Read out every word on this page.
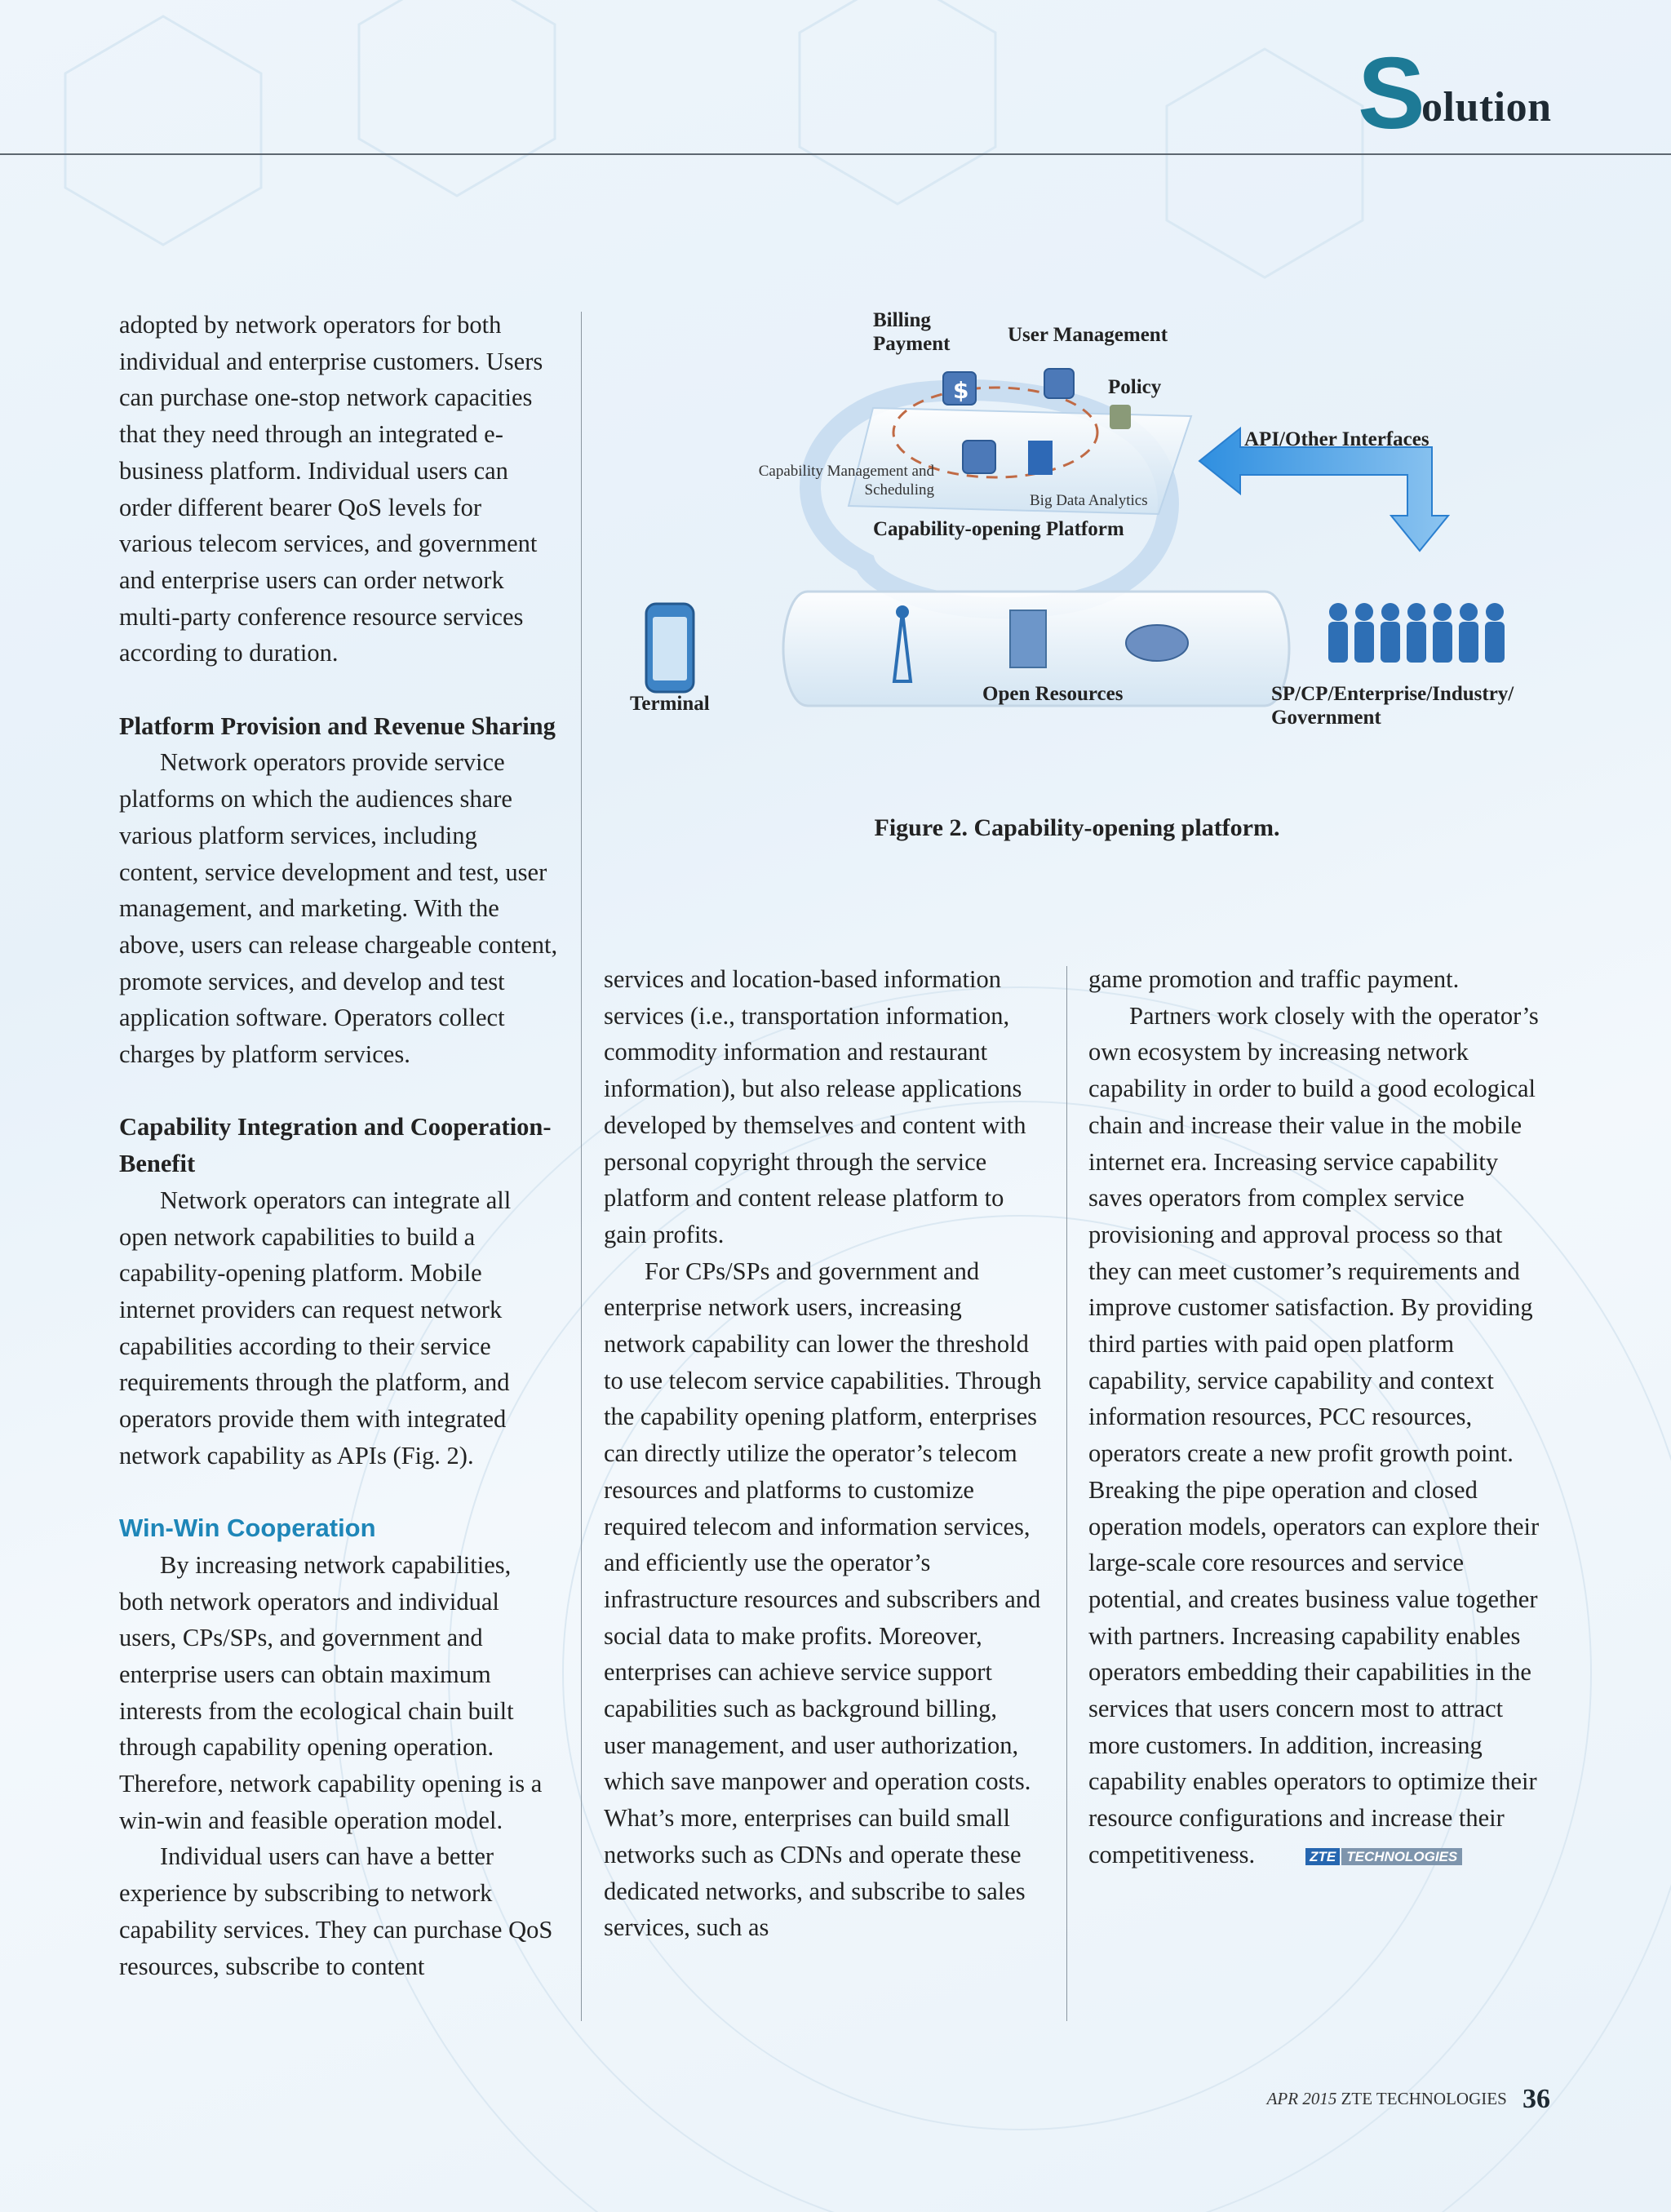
S
olution

adopted by network operators for both individual and enterprise customers. Users can purchase one-stop network capacities that they need through an integrated e-business platform. Individual users can order different bearer QoS levels for various telecom services, and government and enterprise users can order network multi-party conference resource services according to duration.

Platform Provision and Revenue Sharing

Network operators provide service platforms on which the audiences share various platform services, including content, service development and test, user management, and marketing. With the above, users can release chargeable content, promote services, and develop and test application software. Operators collect charges by platform services.

Capability Integration and Cooperation-Benefit

Network operators can integrate all open network capabilities to build a capability-opening platform. Mobile internet providers can request network capabilities according to their service requirements through the platform, and operators provide them with integrated network capability as APIs (Fig. 2).

Win-Win Cooperation

By increasing network capabilities, both network operators and individual users, CPs/SPs, and government and enterprise users can obtain maximum interests from the ecological chain built through capability opening operation. Therefore, network capability opening is a win-win and feasible operation model.

Individual users can have a better experience by subscribing to network capability services. They can purchase QoS resources, subscribe to content

services and location-based information services (i.e., transportation information, commodity information and restaurant information), but also release applications developed by themselves and content with personal copyright through the service platform and content release platform to gain profits.

For CPs/SPs and government and enterprise network users, increasing network capability can lower the threshold to use telecom service capabilities. Through the capability opening platform, enterprises can directly utilize the operator’s telecom resources and platforms to customize required telecom and information services, and efficiently use the operator’s infrastructure resources and subscribers and social data to make profits. Moreover, enterprises can achieve service support capabilities such as background billing, user management, and user authorization, which save manpower and operation costs. What’s more, enterprises can build small networks such as CDNs and operate these dedicated networks, and subscribe to sales services, such as

game promotion and traffic payment.

Partners work closely with the operator’s own ecosystem by increasing network capability in order to build a good ecological chain and increase their value in the mobile internet era. Increasing service capability saves operators from complex service provisioning and approval process so that they can meet customer’s requirements and improve customer satisfaction. By providing third parties with paid open platform capability, service capability and context information resources, PCC resources, operators create a new profit growth point. Breaking the pipe operation and closed operation models, operators can explore their large-scale core resources and service potential, and creates business value together with partners. Increasing capability enables operators embedding their capabilities in the services that users concern most to attract more customers. In addition, increasing capability enables operators to optimize their resource configurations and increase their competitiveness.	ZTE TECHNOLOGIES

$
Billing Payment	User Management
Policy
API/Other Interfaces
Capability Management and Scheduling
Big Data Analytics
Capability-opening Platform
Terminal	Open Resources	SP/CP/Enterprise/Industry/ Government
Figure 2. Capability-opening platform.
APR 2015 ZTE TECHNOLOGIES 36
